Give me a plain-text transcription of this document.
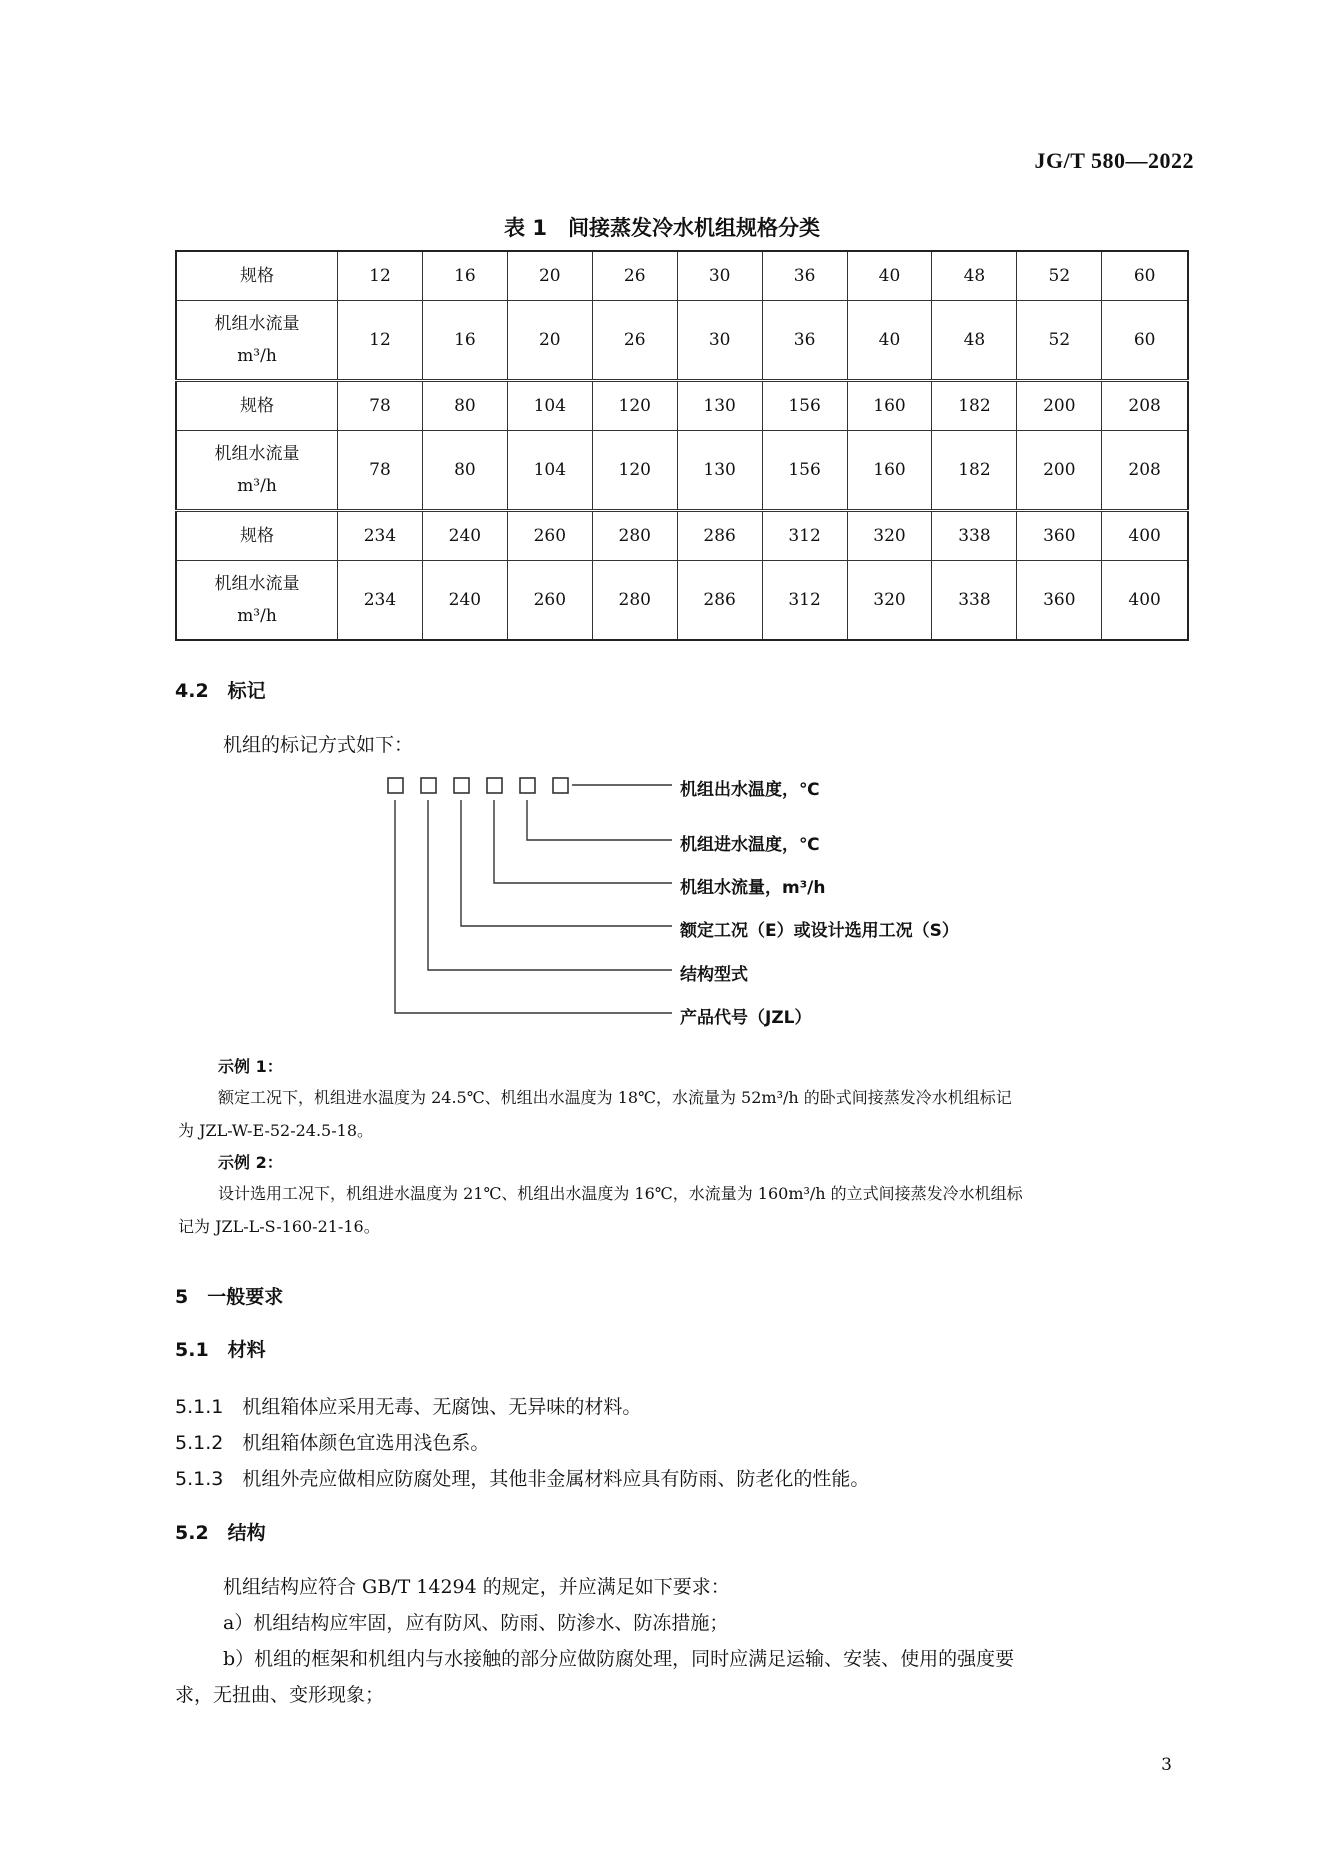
JG/T 580—2022
表 1　间接蒸发冷水机组规格分类
规格	12	16	20	26	30	36	40	48	52	60

机组水流量
m³/h	12	16	20	26	30	36	40	48	52	60
规格	78	80	104	120	130	156	160	182	200	208

机组水流量
m³/h	78	80	104	120	130	156	160	182	200	208
规格	234	240	260	280	286	312	320	338	360	400

机组水流量
m³/h	234	240	260	280	286	312	320	338	360	400
4.2　标记
机组的标记方式如下：
机组出水温度，℃
机组进水温度，℃
机组水流量，m³/h
额定工况（E）或设计选用工况（S）
结构型式
产品代号（JZL）
示例 1：
额定工况下，机组进水温度为 24.5℃、机组出水温度为 18℃，水流量为 52m³/h 的卧式间接蒸发冷水机组标记
为 JZL-W-E-52-24.5-18。
示例 2：
设计选用工况下，机组进水温度为 21℃、机组出水温度为 16℃，水流量为 160m³/h 的立式间接蒸发冷水机组标
记为 JZL-L-S-160-21-16。
5　一般要求
5.1　材料
5.1.1　机组箱体应采用无毒、无腐蚀、无异味的材料。
5.1.2　机组箱体颜色宜选用浅色系。
5.1.3　机组外壳应做相应防腐处理，其他非金属材料应具有防雨、防老化的性能。
5.2　结构
机组结构应符合 GB/T 14294 的规定，并应满足如下要求：
a）机组结构应牢固，应有防风、防雨、防渗水、防冻措施；
b）机组的框架和机组内与水接触的部分应做防腐处理，同时应满足运输、安装、使用的强度要
求，无扭曲、变形现象；
3
